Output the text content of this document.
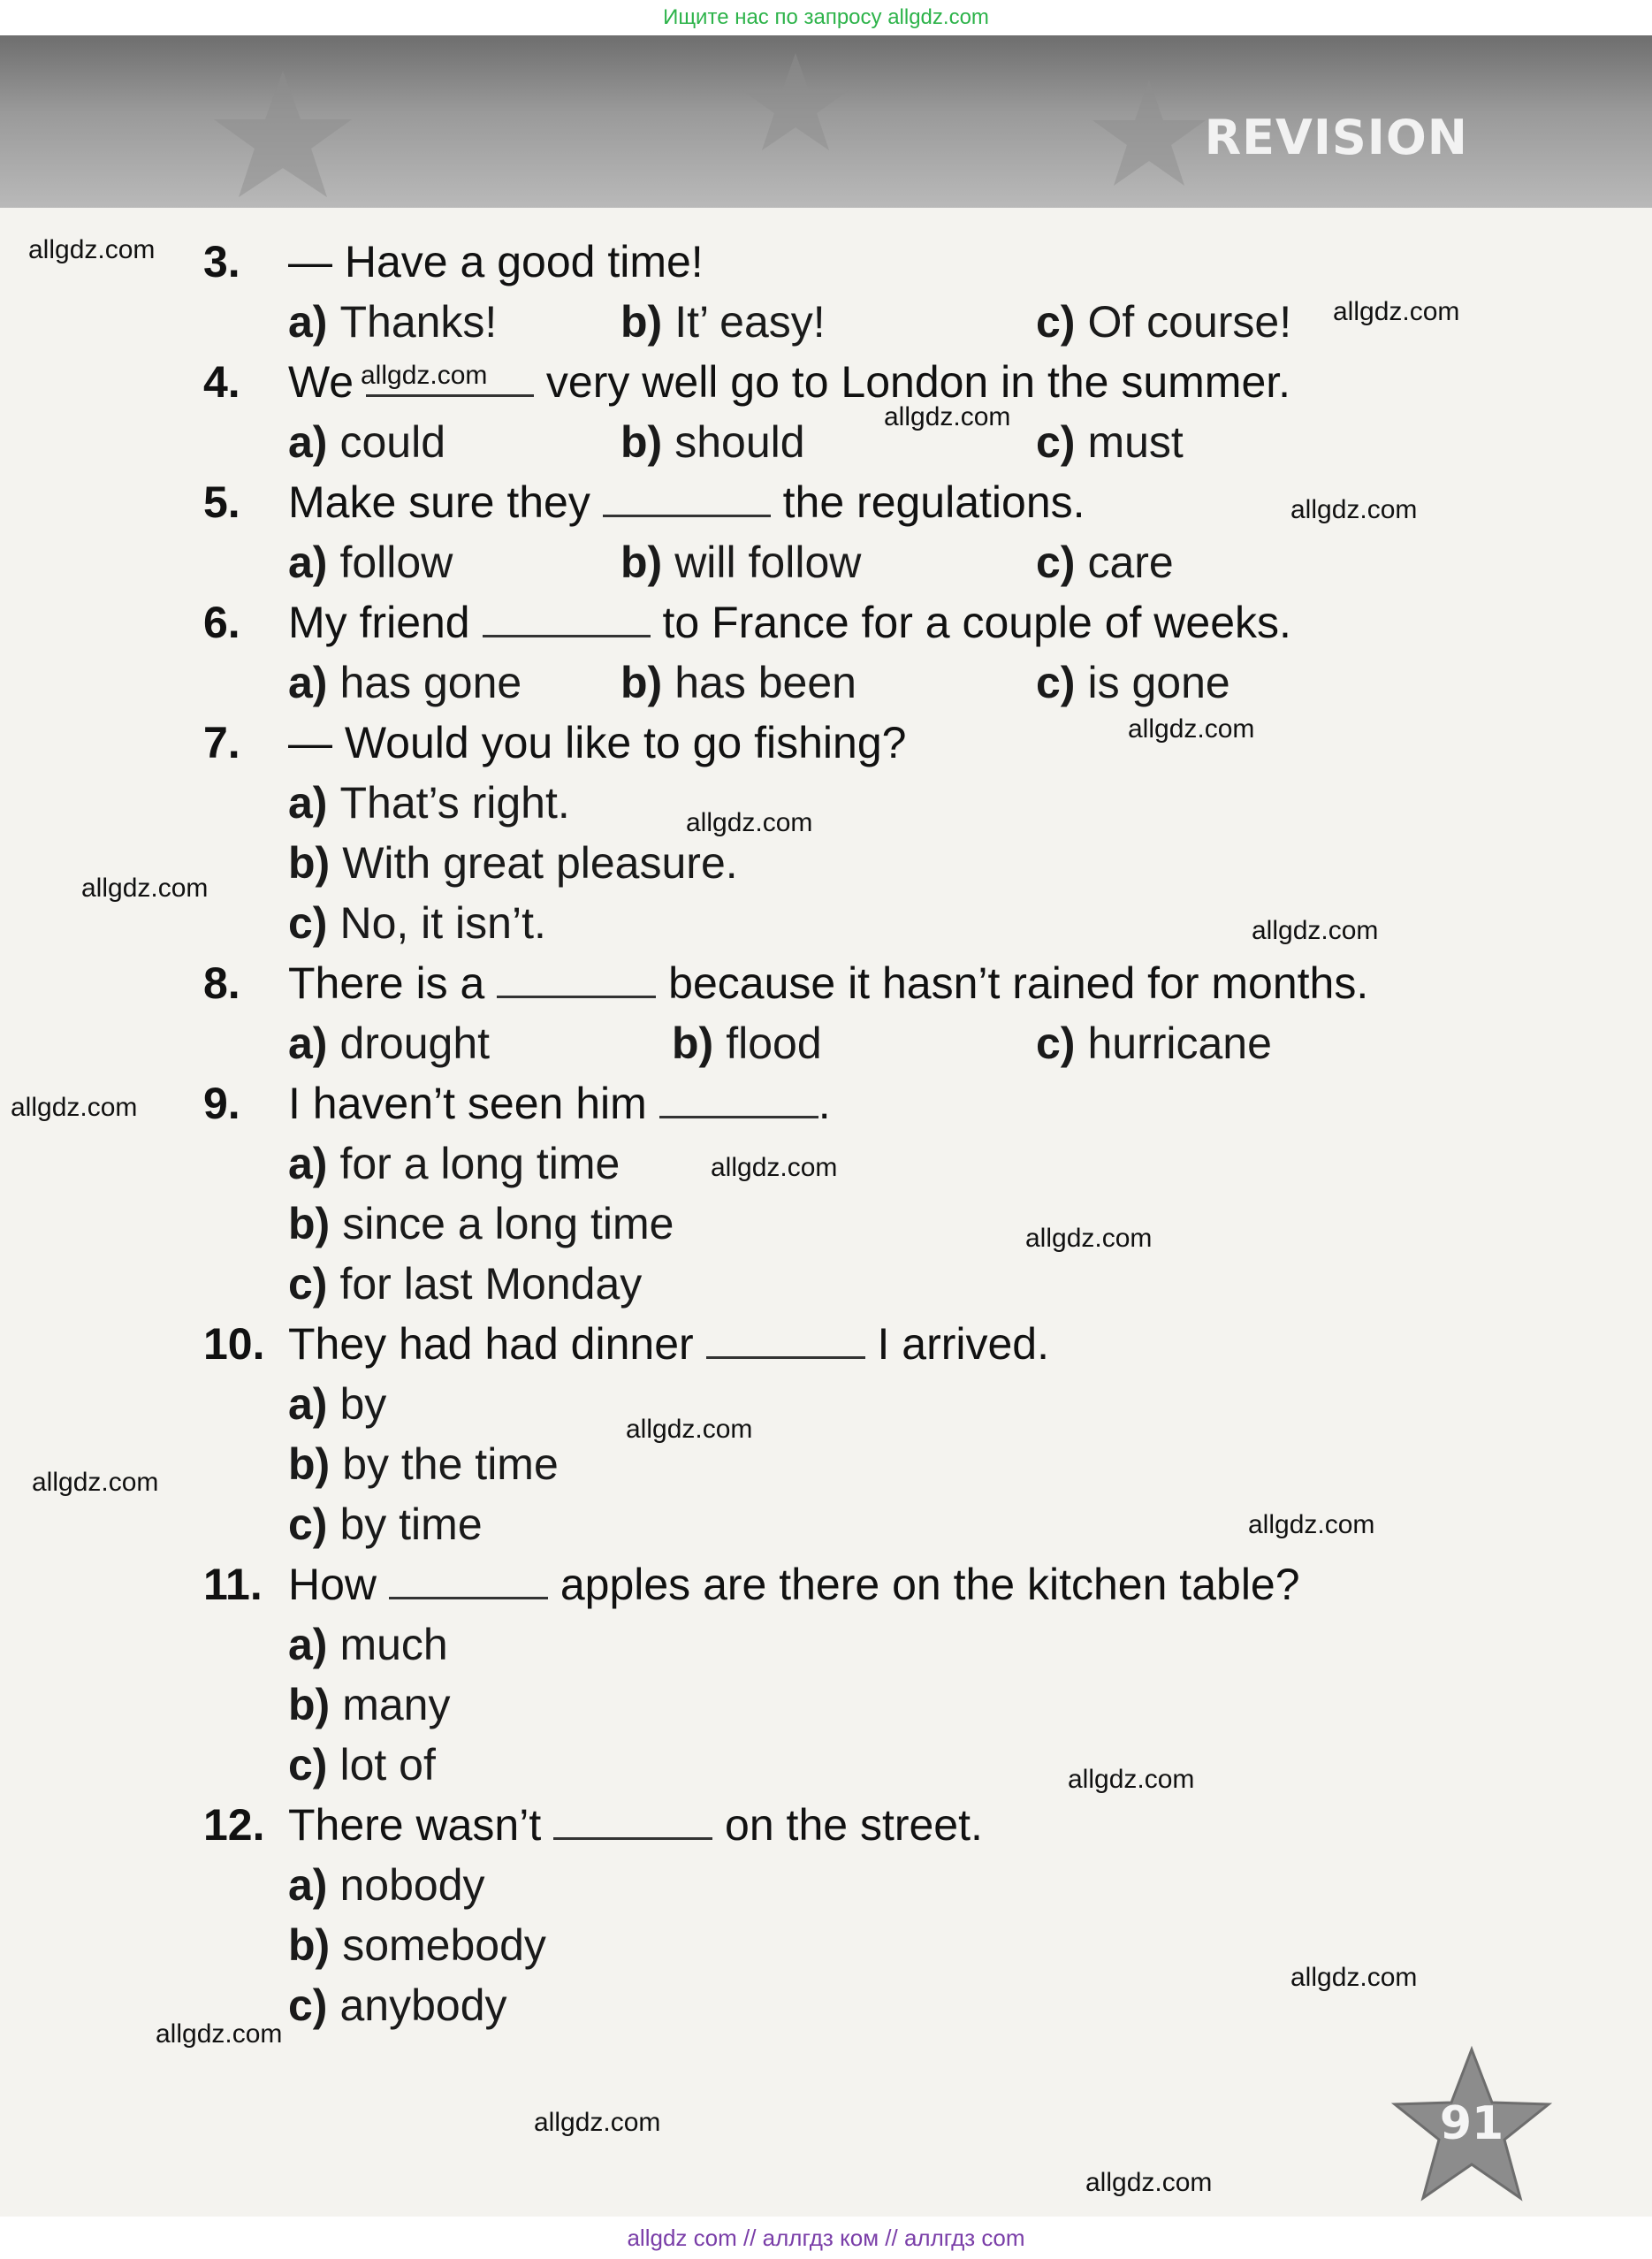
Ищите нас по запросу allgdz.com
REVISION
3. — Have a good time!
a) Thanks!	b) It’ easy!	c) Of course!
4. We	very well go to London in the summer.
a) could	b) should	c) must
5. Make sure they	the regulations.
a) follow	b) will follow	c) care
6. My friend	to France for a couple of weeks.
a) has gone b) has been	c) is gone
7. — Would you like to go fishing?
a) That’s right.
b) With great pleasure.
c) No, it isn’t.
8. There is a	because it hasn’t rained for months.
a) drought	b) flood	c) hurricane
9. I haven’t seen him	.
a) for a long time
b) since a long time
c) for last Monday
10. They had had dinner	I arrived.
a) by
b) by the time
c) by time
11. How	apples are there on the kitchen table?
a) much
b) many
c) lot of
12. There wasn’t	on the street.
a) nobody
b) somebody
c) anybody
allgdz.com
allgdz.com
allgdz.com
allgdz.com
allgdz.com
allgdz.com
allgdz.com
allgdz.com
allgdz.com
allgdz.com
allgdz.com
allgdz.com
allgdz.com
allgdz.com
allgdz.com
allgdz.com
allgdz.com
allgdz.com
allgdz.com
allgdz.com
91
allgdz com // аллгдз ком // аллгдз com
